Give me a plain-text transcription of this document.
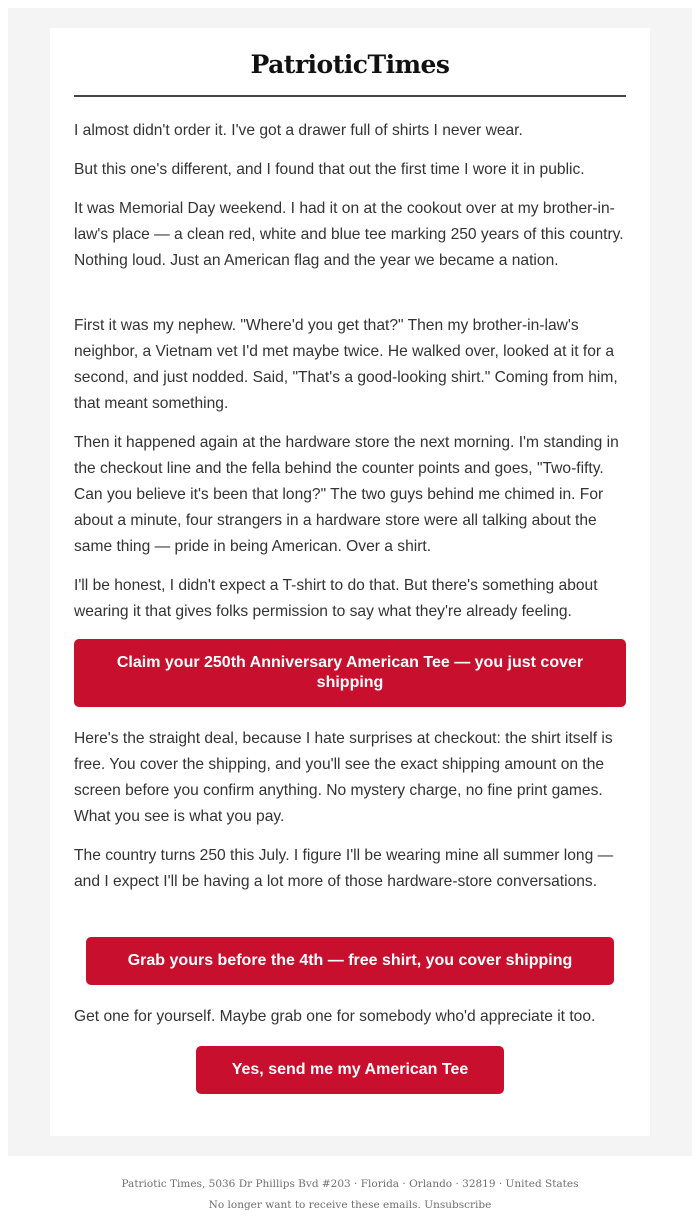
PatrioticTimes

I almost didn't order it. I've got a drawer full of shirts I never wear.

But this one's different, and I found that out the first time I wore it in public.

It was Memorial Day weekend. I had it on at the cookout over at my brother-in-law's place — a clean red, white and blue tee marking 250 years of this country. Nothing loud. Just an American flag and the year we became a nation.

First it was my nephew. "Where'd you get that?" Then my brother-in-law's neighbor, a Vietnam vet I'd met maybe twice. He walked over, looked at it for a second, and just nodded. Said, "That's a good-looking shirt." Coming from him, that meant something.

Then it happened again at the hardware store the next morning. I'm standing in the checkout line and the fella behind the counter points and goes, "Two-fifty. Can you believe it's been that long?" The two guys behind me chimed in. For about a minute, four strangers in a hardware store were all talking about the same thing — pride in being American. Over a shirt.

I'll be honest, I didn't expect a T-shirt to do that. But there's something about wearing it that gives folks permission to say what they're already feeling.

Claim your 250th Anniversary American Tee — you just cover shipping

Here's the straight deal, because I hate surprises at checkout: the shirt itself is free. You cover the shipping, and you'll see the exact shipping amount on the screen before you confirm anything. No mystery charge, no fine print games. What you see is what you pay.

The country turns 250 this July. I figure I'll be wearing mine all summer long — and I expect I'll be having a lot more of those hardware-store conversations.

Grab yours before the 4th — free shirt, you cover shipping

Get one for yourself. Maybe grab one for somebody who'd appreciate it too.

Yes, send me my American Tee
Patriotic Times, 5036 Dr Phillips Bvd #203 · Florida · Orlando · 32819 · United States
No longer want to receive these emails. Unsubscribe
